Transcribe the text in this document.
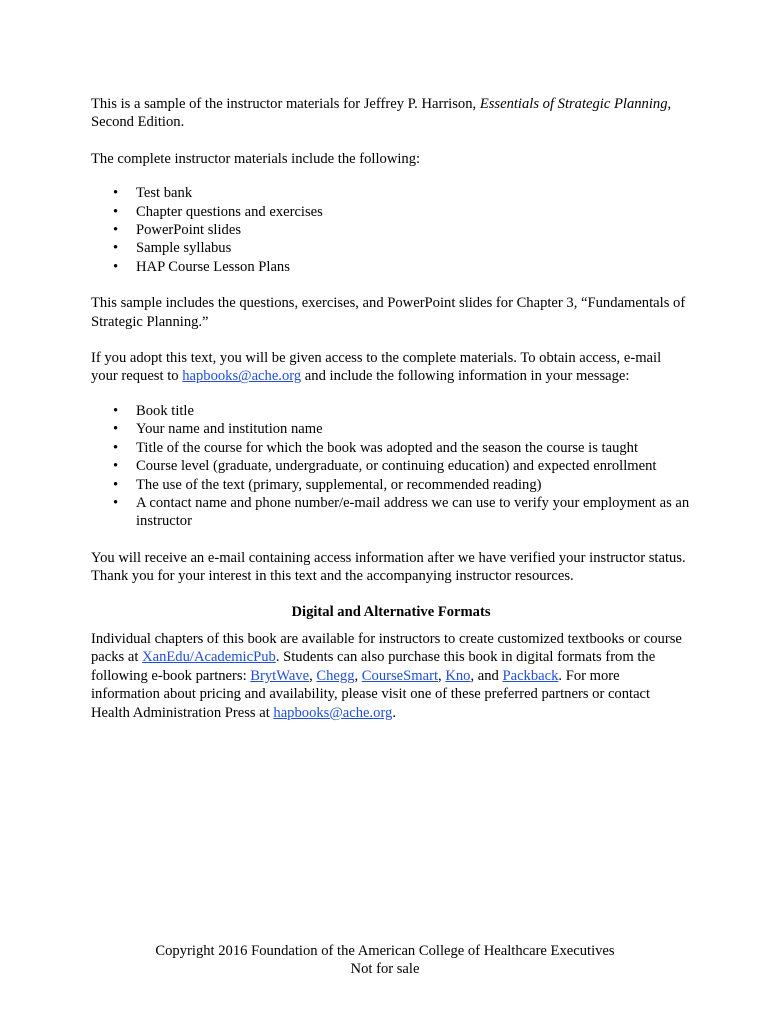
This is a sample of the instructor materials for Jeffrey P. Harrison, Essentials of Strategic Planning, Second Edition.

The complete instructor materials include the following:

• Test bank
• Chapter questions and exercises
• PowerPoint slides
• Sample syllabus
• HAP Course Lesson Plans

This sample includes the questions, exercises, and PowerPoint slides for Chapter 3, “Fundamentals of Strategic Planning.”

If you adopt this text, you will be given access to the complete materials. To obtain access, e-mail your request to hapbooks@ache.org and include the following information in your message:

• Book title
• Your name and institution name
• Title of the course for which the book was adopted and the season the course is taught
• Course level (graduate, undergraduate, or continuing education) and expected enrollment
• The use of the text (primary, supplemental, or recommended reading)
• A contact name and phone number/e-mail address we can use to verify your employment as an instructor

You will receive an e-mail containing access information after we have verified your instructor status. Thank you for your interest in this text and the accompanying instructor resources.

Digital and Alternative Formats

Individual chapters of this book are available for instructors to create customized textbooks or course packs at XanEdu/AcademicPub. Students can also purchase this book in digital formats from the following e-book partners: BrytWave, Chegg, CourseSmart, Kno, and Packback. For more information about pricing and availability, please visit one of these preferred partners or contact Health Administration Press at hapbooks@ache.org.

Copyright 2016 Foundation of the American College of Healthcare Executives
Not for sale
